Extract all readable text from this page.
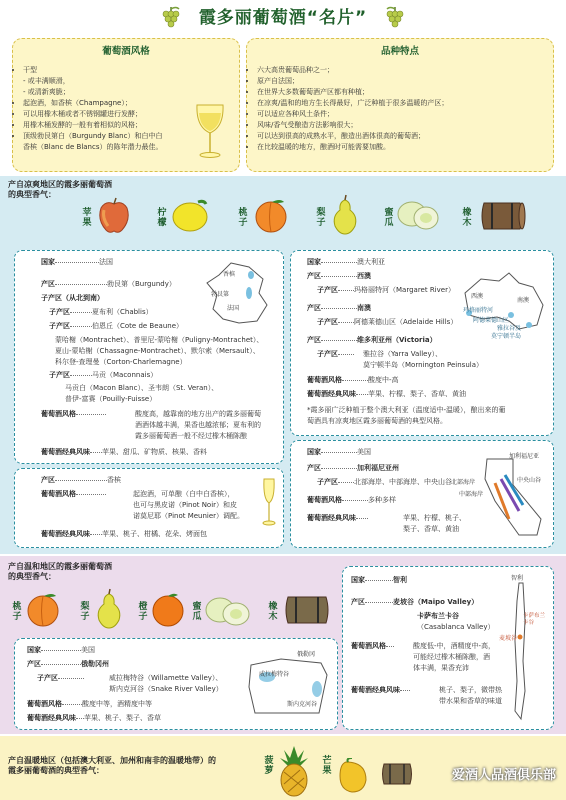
霞多丽葡萄酒“名片”
葡萄酒风格
• 干型
- 或丰满顺滑，
- 或清新爽脆；
• 起泡酒，如香槟（Champagne）；
• 可以用橡木桶或者不锈钢罐进行发酵；
• 用橡木桶发酵的一般有着相似的风格；
• 顶级勃艮第白（Burgundy Blanc）和白中白
香槟（Blanc de Blancs）的陈年潜力最佳。
品种特点
• 六大高贵葡萄品种之一；
• 原产自法国；
• 在世界大多数葡萄酒产区都有种植；
• 在凉爽/温和的地方生长得最好，广泛种植于很多温暖的产区；
• 可以适应各种风土条件；
• 风味/香气受酿造方法影响很大；
• 可以达到很高的成熟水平，酿造出酒体很高的葡萄酒；
• 在比较温暖的地方，酿酒时可能需要加酸。
产自凉爽地区的霞多丽葡萄酒
的典型香气：
苹果
柠檬
桃子
梨子
蜜瓜
橡木
国家	法国
产区	勃艮第（Burgundy）
子产区（从北到南）
子产区	夏布利（Chablis）
子产区	伯恩丘（Cote de Beaune）
蒙哈榭（Montrachet）、普里尼-蒙哈榭（Puligny-Montrachet）、
夏山-蒙哈榭（Chassagne-Montrachet）、默尔索（Mersault）、
科尔登-查理曼（Corton-Charlemagne）
子产区	马贡（Maconnais）
马贡白（Macon Blanc）、圣韦朗（St. Veran）、
普伊-富赛（Pouilly-Fuisse）
葡萄酒风格	酸度高，越靠南的地方出产的霞多丽葡萄
酒酒体越丰满，果香也越浓郁；夏布利的
霞多丽葡萄酒一般不经过橡木桶陈酿
葡萄酒经典风味 苹果、甜瓜、矿物质、核果、香料
香槟
勃艮第
法国
产区	香槟
葡萄酒风格	起泡酒，可单酿（白中白香槟），
也可与黑皮诺（Pinot Noir）和皮
诺莫尼耶（Pinot Meunier）调配。
葡萄酒经典风味 苹果、桃子、柑橘、花朵、烤面包
国家	澳大利亚
产区	西澳
子产区 玛格丽特河（Margaret River）
产区	南澳
子产区 阿德莱德山区（Adelaide Hills）
产区	维多利亚州（Victoria）
子产区	雅拉谷（Yarra Valley）、
莫宁顿半岛（Mornington Peinsula）
葡萄酒风格	酸度中-高
葡萄酒经典风味 苹果、柠檬、梨子、香草、黄油
*霞多丽广泛种植于整个澳大利亚（温度适中-温暖），酿出来的葡
萄酒具有凉爽地区霞多丽葡萄酒的典型风格。
西澳
南澳
玛格丽特河
阿德莱德山区
雅拉谷及
莫宁顿半岛
国家	美国
产区	加利福尼亚州
子产区 北部海岸、中部海岸、中央山谷
葡萄酒风格	多种多样
葡萄酒经典风味	苹果、柠檬、桃子、
梨子、香草、黄油
加利福尼亚
北部海岸	中央山谷
中部海岸
产自温和地区的霞多丽葡萄酒
的典型香气：
桃子
梨子
橙子
蜜瓜
橡木
国家	美国
产区	俄勒冈州
子产区	威拉梅特谷（Willamette Valley）、
斯内克河谷（Snake River Valley）
葡萄酒风格	酸度中等，酒精度中等
葡萄酒经典风味 苹果、桃子、梨子、香草
俄勒冈
威拉梅特谷
斯内克河谷
国家	智利
产区	麦坡谷（Maipo Valley）
卡萨布兰卡谷
（Casablanca Valley）
葡萄酒风格	酸度低-中，酒精度中-高，
可能经过橡木桶陈酿，酒
体丰满，果香充沛
葡萄酒经典风味	桃子、梨子，微带热
带水果和香草的味道
智利
麦坡谷
卡萨布兰卡谷
产自温暖地区（包括澳大利亚、加州和南非的温暖地带）的
霞多丽葡萄酒的典型香气：
菠萝
芒果	爱酒人品酒俱乐部
